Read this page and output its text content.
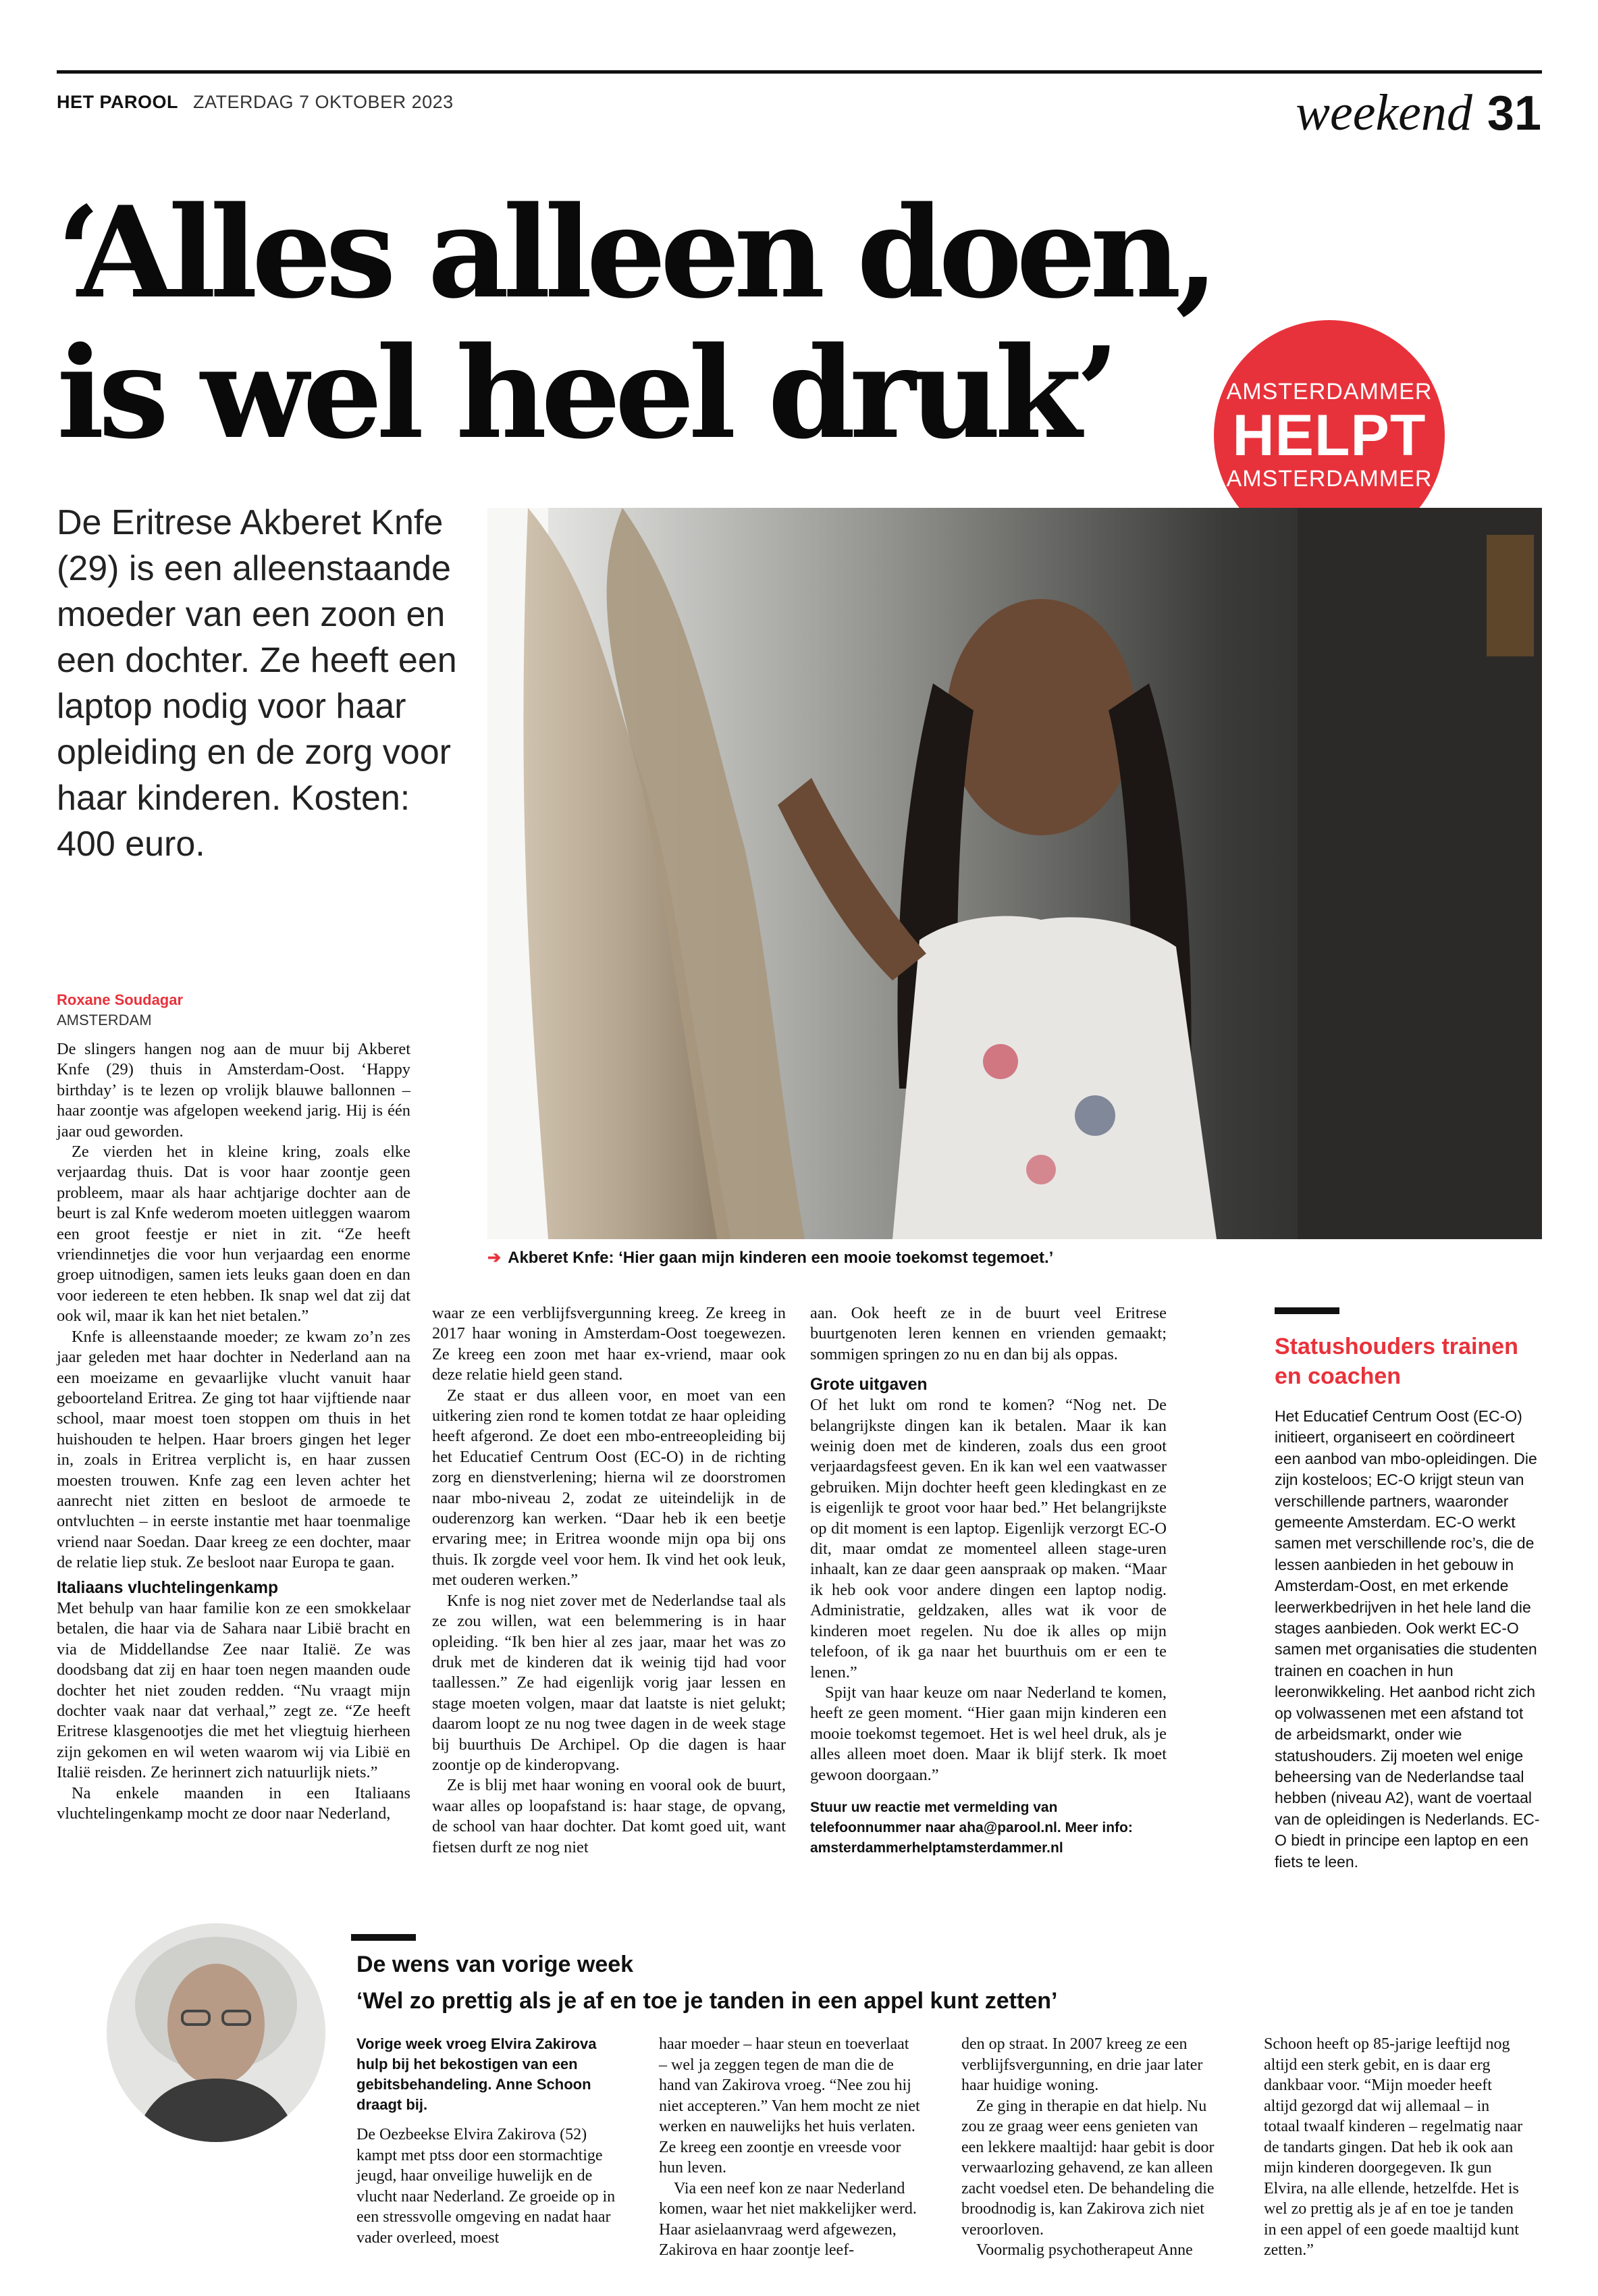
HET PAROOL ZATERDAG 7 OKTOBER 2023	weekend 31
‘Alles alleen doen,
is wel heel druk’	AMSTERDAMMER
HELPT
AMSTERDAMMER

De Eritrese Akberet Knfe (29) is een alleenstaande moeder van een zoon en een dochter. Ze heeft een laptop nodig voor haar opleiding en de zorg voor haar kinderen. Kosten: 400 euro.

➔ Akberet Knfe: ‘Hier gaan mijn kinderen een mooie toekomst tegemoet.’
Roxane Soudagar
AMSTERDAM

De slingers hangen nog aan de muur bij Akberet Knfe (29) thuis in Amsterdam-Oost. ‘Happy birthday’ is te lezen op vrolijk blauwe ballonnen – haar zoontje was afgelopen weekend jarig. Hij is één jaar oud geworden.

Ze vierden het in kleine kring, zoals elke verjaardag thuis. Dat is voor haar zoontje geen probleem, maar als haar achtjarige dochter aan de beurt is zal Knfe wederom moeten uitleggen waarom een groot feestje er niet in zit. “Ze heeft vriendinnetjes die voor hun verjaardag een enorme groep uitnodigen, samen iets leuks gaan doen en dan voor iedereen te eten hebben. Ik snap wel dat zij dat ook wil, maar ik kan het niet betalen.”

Knfe is alleenstaande moeder; ze kwam zo’n zes jaar geleden met haar dochter in Nederland aan na een moeizame en gevaarlijke vlucht vanuit haar geboorteland Eritrea. Ze ging tot haar vijftiende naar school, maar moest toen stoppen om thuis in het huishouden te helpen. Haar broers gingen het leger in, zoals in Eritrea verplicht is, en haar zussen moesten trouwen. Knfe zag een leven achter het aanrecht niet zitten en besloot de armoede te ontvluchten – in eerste instantie met haar toenmalige vriend naar Soedan. Daar kreeg ze een dochter, maar de relatie liep stuk. Ze besloot naar Europa te gaan.

Italiaans vluchtelingenkamp

Met behulp van haar familie kon ze een smokkelaar betalen, die haar via de Sahara naar Libië bracht en via de Middellandse Zee naar Italië. Ze was doodsbang dat zij en haar toen negen maanden oude dochter het niet zouden redden. “Nu vraagt mijn dochter vaak naar dat verhaal,” zegt ze. “Ze heeft Eritrese klasgenootjes die met het vliegtuig hierheen zijn gekomen en wil weten waarom wij via Libië en Italië reisden. Ze herinnert zich natuurlijk niets.”

Na enkele maanden in een Italiaans vluchtelingenkamp mocht ze door naar Nederland,

waar ze een verblijfsvergunning kreeg. Ze kreeg in 2017 haar woning in Amsterdam-Oost toegewezen. Ze kreeg een zoon met haar ex-vriend, maar ook deze relatie hield geen stand.

Ze staat er dus alleen voor, en moet van een uitkering zien rond te komen totdat ze haar opleiding heeft afgerond. Ze doet een mbo-entreeopleiding bij het Educatief Centrum Oost (EC-O) in de richting zorg en dienstverlening; hierna wil ze doorstromen naar mbo-niveau 2, zodat ze uiteindelijk in de ouderenzorg kan werken. “Daar heb ik een beetje ervaring mee; in Eritrea woonde mijn opa bij ons thuis. Ik zorgde veel voor hem. Ik vind het ook leuk, met ouderen werken.”

Knfe is nog niet zover met de Nederlandse taal als ze zou willen, wat een belemmering is in haar opleiding. “Ik ben hier al zes jaar, maar het was zo druk met de kinderen dat ik weinig tijd had voor taallessen.” Ze had eigenlijk vorig jaar lessen en stage moeten volgen, maar dat laatste is niet gelukt; daarom loopt ze nu nog twee dagen in de week stage bij buurthuis De Archipel. Op die dagen is haar zoontje op de kinderopvang.

Ze is blij met haar woning en vooral ook de buurt, waar alles op loopafstand is: haar stage, de opvang, de school van haar dochter. Dat komt goed uit, want fietsen durft ze nog niet

aan. Ook heeft ze in de buurt veel Eritrese buurtgenoten leren kennen en vrienden gemaakt; sommigen springen zo nu en dan bij als oppas.

Grote uitgaven

Of het lukt om rond te komen? “Nog net. De belangrijkste dingen kan ik betalen. Maar ik kan weinig doen met de kinderen, zoals dus een groot verjaardagsfeest geven. En ik kan wel een vaatwasser gebruiken. Mijn dochter heeft geen kledingkast en ze is eigenlijk te groot voor haar bed.” Het belangrijkste op dit moment is een laptop. Eigenlijk verzorgt EC-O dit, maar omdat ze momenteel alleen stage-uren inhaalt, kan ze daar geen aanspraak op maken. “Maar ik heb ook voor andere dingen een laptop nodig. Administratie, geldzaken, alles wat ik voor de kinderen moet regelen. Nu doe ik alles op mijn telefoon, of ik ga naar het buurthuis om er een te lenen.”

Spijt van haar keuze om naar Nederland te komen, heeft ze geen moment. “Hier gaan mijn kinderen een mooie toekomst tegemoet. Het is wel heel druk, als je alles alleen moet doen. Maar ik blijf sterk. Ik moet gewoon doorgaan.”

Stuur uw reactie met vermelding van telefoonnummer naar aha@parool.nl. Meer info: amsterdammerhelptamsterdammer.nl

Statushouders trainen en coachen

Het Educatief Centrum Oost (EC-O) initieert, organiseert en coördineert een aanbod van mbo-opleidingen. Die zijn kosteloos; EC-O krijgt steun van verschillende partners, waaronder gemeente Amsterdam. EC-O werkt samen met verschillende roc’s, die de lessen aanbieden in het gebouw in Amsterdam-Oost, en met erkende leerwerkbedrijven in het hele land die stages aanbieden. Ook werkt EC-O samen met organisaties die studenten trainen en coachen in hun leeronwikkeling. Het aanbod richt zich op volwassenen met een afstand tot de arbeidsmarkt, onder wie statushouders. Zij moeten wel enige beheersing van de Nederlandse taal hebben (niveau A2), want de voertaal van de opleidingen is Nederlands. EC-O biedt in principe een laptop en een fiets te leen.

De wens van vorige week
‘Wel zo prettig als je af en toe je tanden in een appel kunt zetten’

Vorige week vroeg Elvira Zakirova hulp bij het bekostigen van een gebitsbehandeling. Anne Schoon draagt bij.

De Oezbeekse Elvira Zakirova (52) kampt met ptss door een stormachtige jeugd, haar onveilige huwelijk en de vlucht naar Nederland. Ze groeide op in een stressvolle omgeving en nadat haar vader overleed, moest

haar moeder – haar steun en toeverlaat – wel ja zeggen tegen de man die de hand van Zakirova vroeg. “Nee zou hij niet accepteren.” Van hem mocht ze niet werken en nauwelijks het huis verlaten. Ze kreeg een zoontje en vreesde voor hun leven.

Via een neef kon ze naar Nederland komen, waar het niet makkelijker werd. Haar asielaanvraag werd afgewezen, Zakirova en haar zoontje leef-

den op straat. In 2007 kreeg ze een verblijfsvergunning, en drie jaar later haar huidige woning.

Ze ging in therapie en dat hielp. Nu zou ze graag weer eens genieten van een lekkere maaltijd: haar gebit is door verwaarlozing gehavend, ze kan alleen zacht voedsel eten. De behandeling die broodnodig is, kan Zakirova zich niet veroorloven.

Voormalig psychotherapeut Anne

Schoon heeft op 85-jarige leeftijd nog altijd een sterk gebit, en is daar erg dankbaar voor. “Mijn moeder heeft altijd gezorgd dat wij allemaal – in totaal twaalf kinderen – regelmatig naar de tandarts gingen. Dat heb ik ook aan mijn kinderen doorgegeven. Ik gun Elvira, na alle ellende, hetzelfde. Het is wel zo prettig als je af en toe je tanden in een appel of een goede maaltijd kunt zetten.”
